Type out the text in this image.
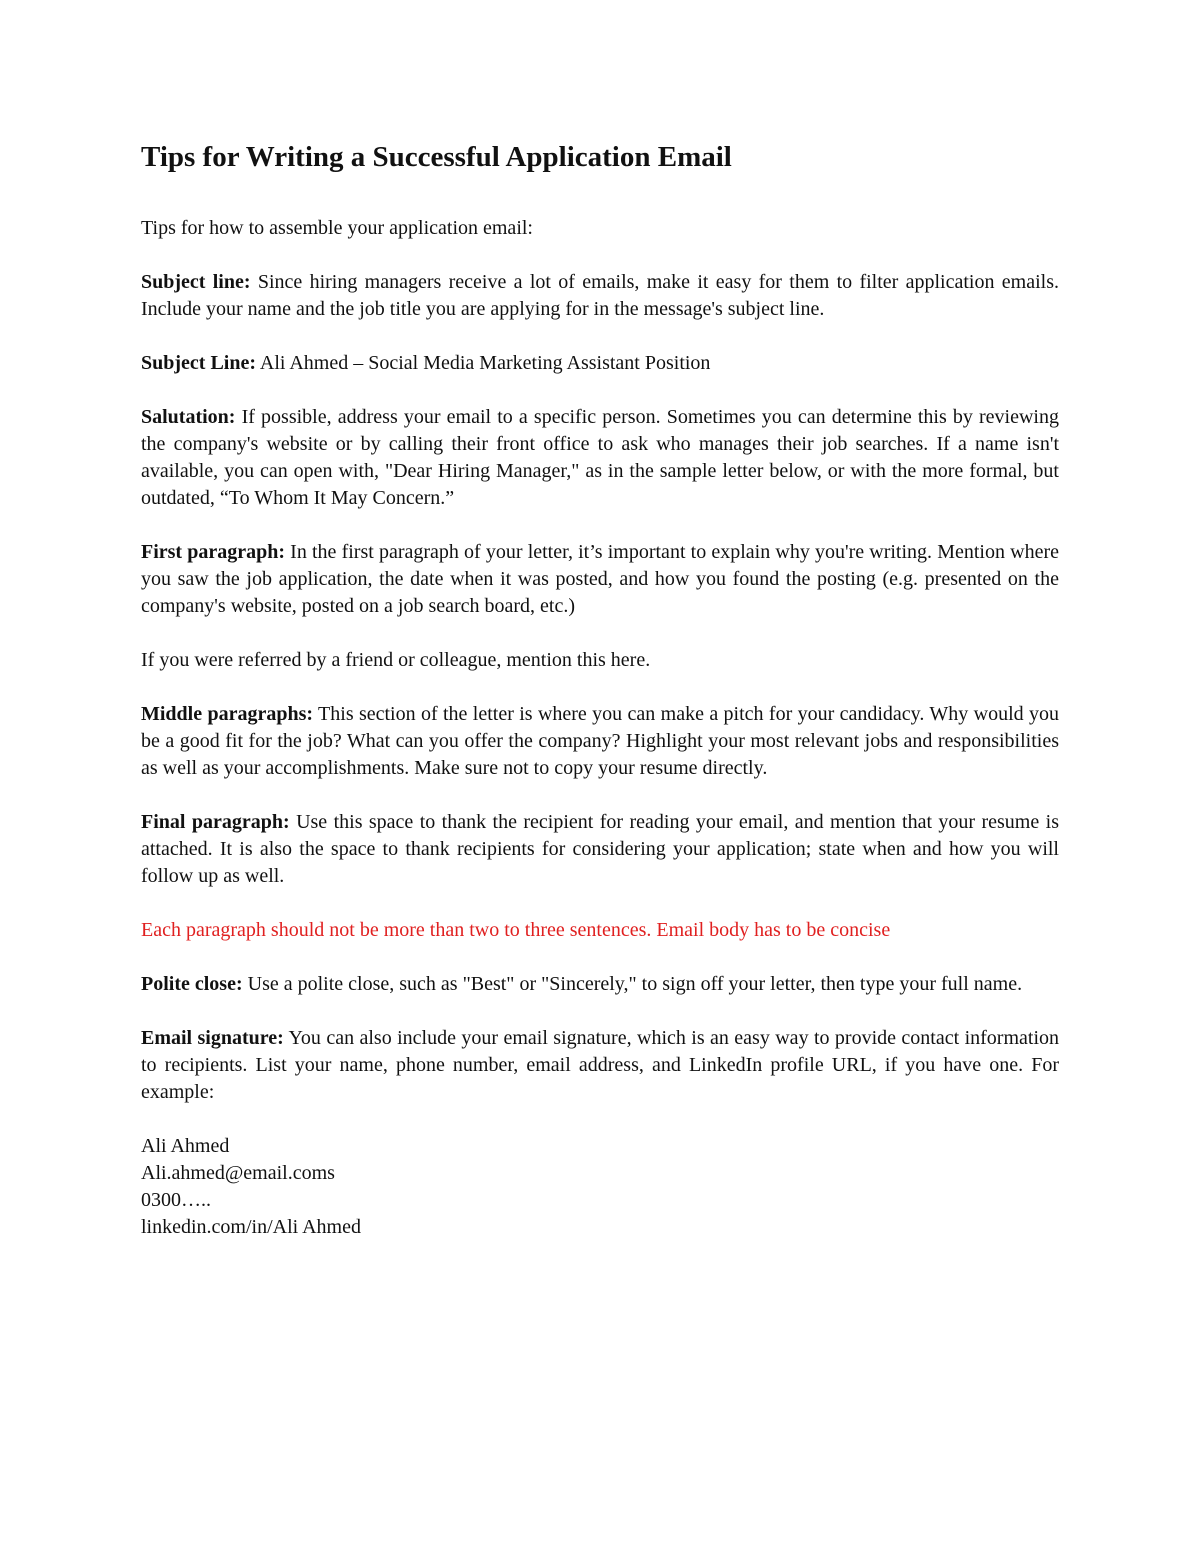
Tips for Writing a Successful Application Email

Tips for how to assemble your application email:

Subject line: Since hiring managers receive a lot of emails, make it easy for them to filter application emails. Include your name and the job title you are applying for in the message's subject line.

Subject Line: Ali Ahmed – Social Media Marketing Assistant Position

Salutation: If possible, address your email to a specific person. Sometimes you can determine this by reviewing the company's website or by calling their front office to ask who manages their job searches. If a name isn't available, you can open with, "Dear Hiring Manager," as in the sample letter below, or with the more formal, but outdated, “To Whom It May Concern.”

First paragraph: In the first paragraph of your letter, it’s important to explain why you're writing. Mention where you saw the job application, the date when it was posted, and how you found the posting (e.g. presented on the company's website, posted on a job search board, etc.)

If you were referred by a friend or colleague, mention this here.

Middle paragraphs: This section of the letter is where you can make a pitch for your candidacy. Why would you be a good fit for the job? What can you offer the company? Highlight your most relevant jobs and responsibilities as well as your accomplishments. Make sure not to copy your resume directly.

Final paragraph: Use this space to thank the recipient for reading your email, and mention that your resume is attached. It is also the space to thank recipients for considering your application; state when and how you will follow up as well.

Each paragraph should not be more than two to three sentences. Email body has to be concise

Polite close: Use a polite close, such as "Best" or "Sincerely," to sign off your letter, then type your full name.

Email signature: You can also include your email signature, which is an easy way to provide contact information to recipients. List your name, phone number, email address, and LinkedIn profile URL, if you have one. For example:

Ali Ahmed

Ali.ahmed@email.coms

0300…..

linkedin.com/in/Ali Ahmed
